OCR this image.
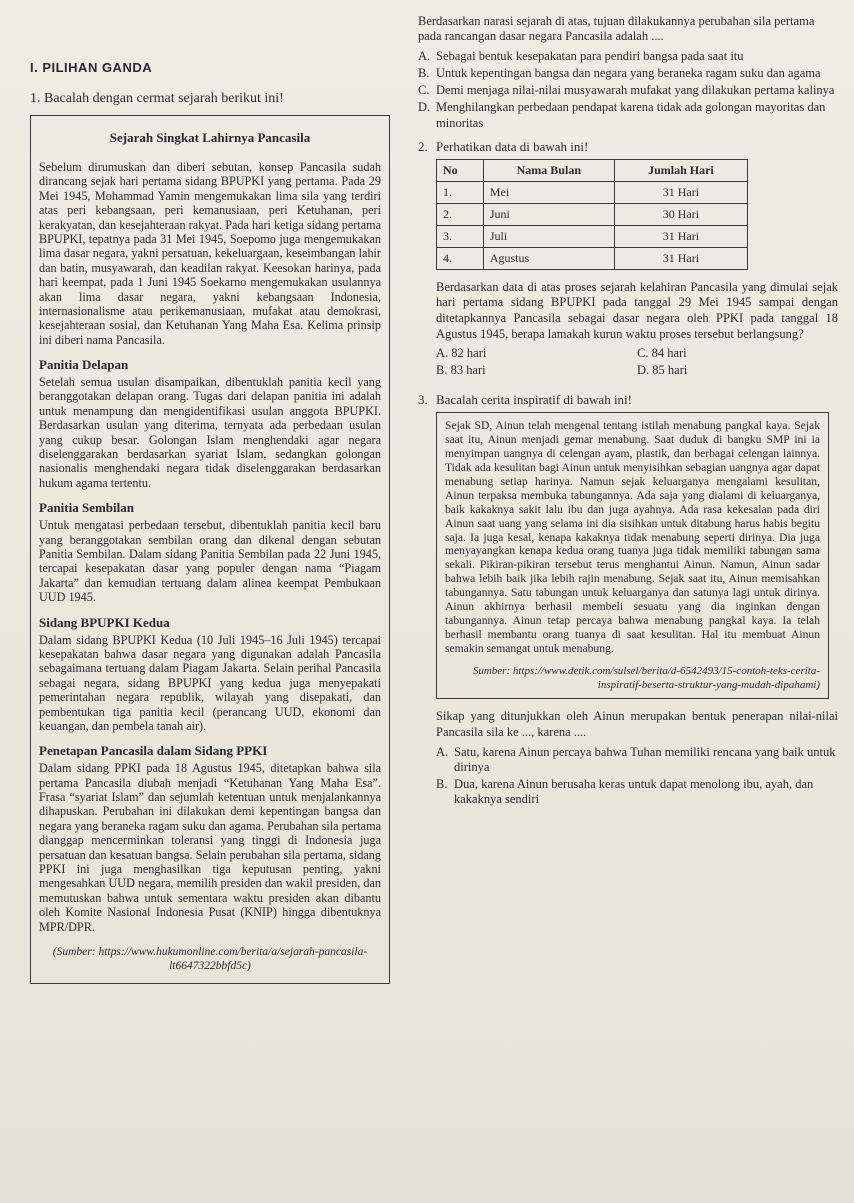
I. PILIHAN GANDA
1. Bacalah dengan cermat sejarah berikut ini!
Sejarah Singkat Lahirnya Pancasila

Sebelum dirumuskan dan diberi sebutan, konsep Pancasila sudah dirancang sejak hari pertama sidang BPUPKI yang pertama. Pada 29 Mei 1945, Mohammad Yamin mengemukakan lima sila yang terdiri atas peri kebangsaan, peri kemanusiaan, peri Ketuhanan, peri kerakyatan, dan kesejahteraan rakyat. Pada hari ketiga sidang pertama BPUPKI, tepatnya pada 31 Mei 1945, Soepomo juga mengemukakan lima dasar negara, yakni persatuan, kekeluargaan, keseimbangan lahir dan batin, musyawarah, dan keadilan rakyat. Keesokan harinya, pada hari keempat, pada 1 Juni 1945 Soekarno mengemukakan usulannya akan lima dasar negara, yakni kebangsaan Indonesia, internasionalisme atau perikemanusiaan, mufakat atau demokrasi, kesejahteraan sosial, dan Ketuhanan Yang Maha Esa. Kelima prinsip ini diberi nama Pancasila.

Panitia Delapan

Setelah semua usulan disampaikan, dibentuklah panitia kecil yang beranggotakan delapan orang. Tugas dari delapan panitia ini adalah untuk menampung dan mengidentifikasi usulan anggota BPUPKI. Berdasarkan usulan yang diterima, ternyata ada perbedaan usulan yang cukup besar. Golongan Islam menghendaki agar negara diselenggarakan berdasarkan syariat Islam, sedangkan golongan nasionalis menghendaki negara tidak diselenggarakan berdasarkan hukum agama tertentu.

Panitia Sembilan

Untuk mengatasi perbedaan tersebut, dibentuklah panitia kecil baru yang beranggotakan sembilan orang dan dikenal dengan sebutan Panitia Sembilan. Dalam sidang Panitia Sembilan pada 22 Juni 1945, tercapai kesepakatan dasar yang populer dengan nama “Piagam Jakarta” dan kemudian tertuang dalam alinea keempat Pembukaan UUD 1945.

Sidang BPUPKI Kedua

Dalam sidang BPUPKI Kedua (10 Juli 1945–16 Juli 1945) tercapai kesepakatan bahwa dasar negara yang digunakan adalah Pancasila sebagaimana tertuang dalam Piagam Jakarta. Selain perihal Pancasila sebagai negara, sidang BPUPKI yang kedua juga menyepakati pemerintahan negara republik, wilayah yang disepakati, dan pembentukan tiga panitia kecil (perancang UUD, ekonomi dan keuangan, dan pembela tanah air).

Penetapan Pancasila dalam Sidang PPKI

Dalam sidang PPKI pada 18 Agustus 1945, ditetapkan bahwa sila pertama Pancasila diubah menjadi “Ketuhanan Yang Maha Esa”. Frasa “syariat Islam” dan sejumlah ketentuan untuk menjalankannya dihapuskan. Perubahan ini dilakukan demi kepentingan bangsa dan negara yang beraneka ragam suku dan agama. Perubahan sila pertama dianggap mencerminkan toleransi yang tinggi di Indonesia juga persatuan dan kesatuan bangsa. Selain perubahan sila pertama, sidang PPKI ini juga menghasilkan tiga keputusan penting, yakni mengesahkan UUD negara, memilih presiden dan wakil presiden, dan memutuskan bahwa untuk sementara waktu presiden akan dibantu oleh Komite Nasional Indonesia Pusat (KNIP) hingga dibentuknya MPR/DPR.

(Sumber: https://www.hukumonline.com/berita/a/sejarah-pancasila-lt6647322bbfd5c)

Berdasarkan narasi sejarah di atas, tujuan dilakukannya perubahan sila pertama pada rancangan dasar negara Pancasila adalah ....

A. Sebagai bentuk kesepakatan para pendiri bangsa pada saat itu
B. Untuk kepentingan bangsa dan negara yang beraneka ragam suku dan agama
C. Demi menjaga nilai-nilai musyawarah mufakat yang dilakukan pertama kalinya
D. Menghilangkan perbedaan pendapat karena tidak ada golongan mayoritas dan minoritas
2. Perhatikan data di bawah ini!
No	Nama Bulan	Jumlah Hari
1.	Mei	31 Hari
2.	Juni	30 Hari
3.	Juli	31 Hari
4.	Agustus	31 Hari

Berdasarkan data di atas proses sejarah kelahiran Pancasila yang dimulai sejak hari pertama sidang BPUPKI pada tanggal 29 Mei 1945 sampai dengan ditetapkannya Pancasila sebagai dasar negara oleh PPKI pada tanggal 18 Agustus 1945, berapa lamakah kurun waktu proses tersebut berlangsung?

A. 82 hari	C. 84 hari
B. 83 hari	D. 85 hari
3. Bacalah cerita inspiratif di bawah ini!

Sejak SD, Ainun telah mengenal tentang istilah menabung pangkal kaya. Sejak saat itu, Ainun menjadi gemar menabung. Saat duduk di bangku SMP ini ia menyimpan uangnya di celengan ayam, plastik, dan berbagai celengan lainnya. Tidak ada kesulitan bagi Ainun untuk menyisihkan sebagian uangnya agar dapat menabung setiap harinya. Namun sejak keluarganya mengalami kesulitan, Ainun terpaksa membuka tabungannya. Ada saja yang dialami di keluarganya, baik kakaknya sakit lalu ibu dan juga ayahnya. Ada rasa kekesalan pada diri Ainun saat uang yang selama ini dia sisihkan untuk ditabung harus habis begitu saja. Ia juga kesal, kenapa kakaknya tidak menabung seperti dirinya. Dia juga menyayangkan kenapa kedua orang tuanya juga tidak memiliki tabungan sama sekali. Pikiran-pikiran tersebut terus menghantui Ainun. Namun, Ainun sadar bahwa lebih baik jika lebih rajin menabung. Sejak saat itu, Ainun memisahkan tabungannya. Satu tabungan untuk keluarganya dan satunya lagi untuk dirinya. Ainun akhirnya berhasil membeli sesuatu yang dia inginkan dengan tabungannya. Ainun tetap percaya bahwa menabung pangkal kaya. Ia telah berhasil membantu orang tuanya di saat kesulitan. Hal itu membuat Ainun semakin semangat untuk menabung.

Sumber: https://www.detik.com/sulsel/berita/d-6542493/15-contoh-teks-cerita-inspiratif-beserta-struktur-yang-mudah-dipahami)

Sikap yang ditunjukkan oleh Ainun merupakan bentuk penerapan nilai-nilai Pancasila sila ke ..., karena ....

A. Satu, karena Ainun percaya bahwa Tuhan memiliki rencana yang baik untuk dirinya
B. Dua, karena Ainun berusaha keras untuk dapat menolong ibu, ayah, dan kakaknya sendiri
